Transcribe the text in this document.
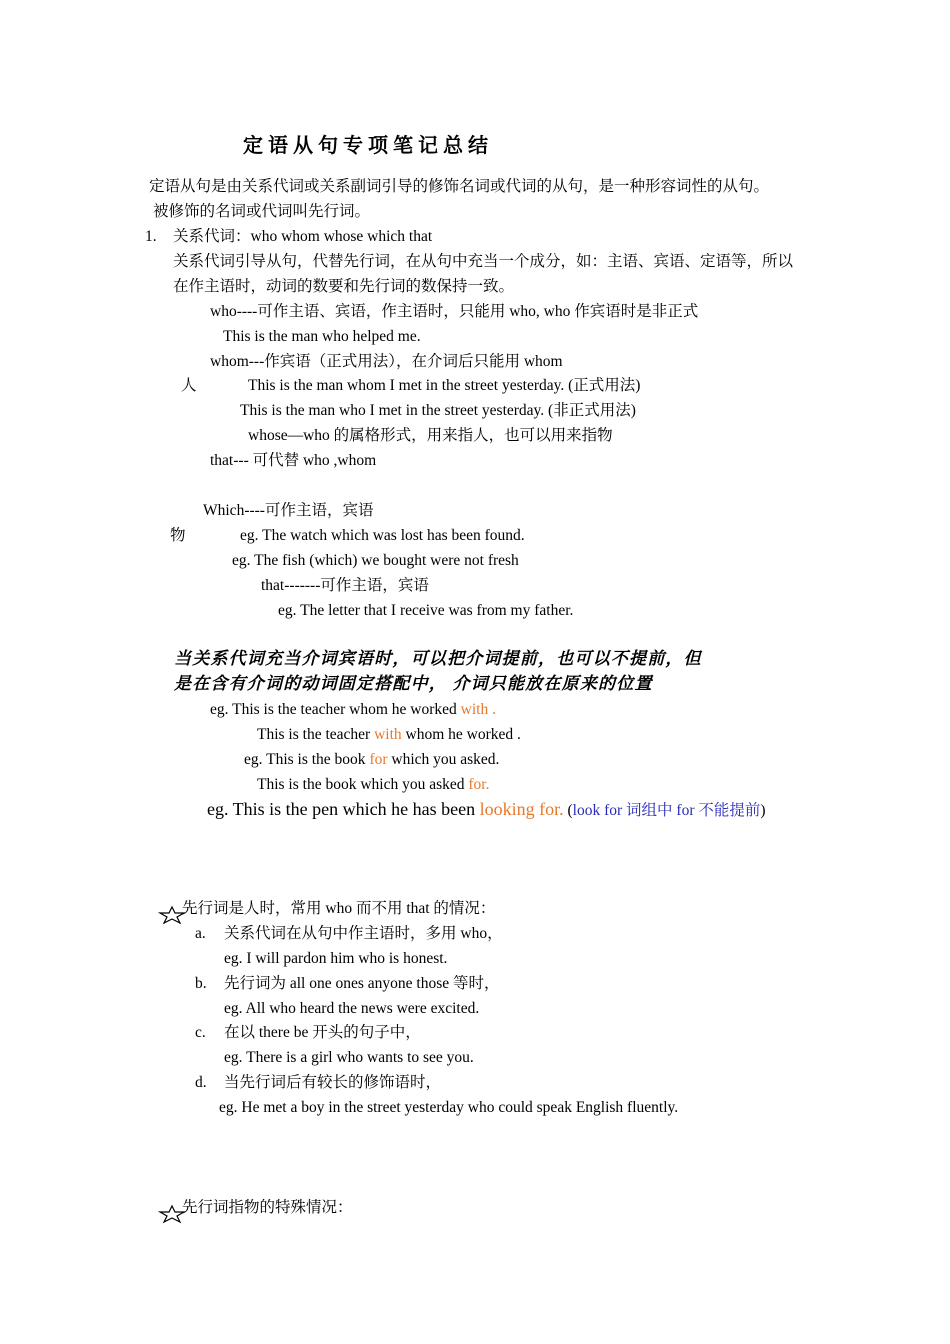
定语从句专项笔记总结
定语从句是由关系代词或关系副词引导的修饰名词或代词的从句，是一种形容词性的从句。
被修饰的名词或代词叫先行词。
1. 关系代词：who whom whose which that
关系代词引导从句，代替先行词，在从句中充当一个成分，如：主语、宾语、定语等，所以
在作主语时，动词的数要和先行词的数保持一致。
who----可作主语、宾语，作主语时，只能用 who, who 作宾语时是非正式
This is the man who helped me.
whom---作宾语（正式用法），在介词后只能用 whom
人	This is the man whom I met in the street yesterday. (正式用法)
This is the man who I met in the street yesterday. (非正式用法)
whose—who 的属格形式，用来指人，也可以用来指物
that--- 可代替 who ,whom
Which----可作主语，宾语
物	eg. The watch which was lost has been found.
eg. The fish (which) we bought were not fresh
that-------可作主语，宾语
eg. The letter that I receive was from my father.
当关系代词充当介词宾语时，可以把介词提前，也可以不提前，但
是在含有介词的动词固定搭配中， 介词只能放在原来的位置
eg. This is the teacher whom he worked with .
This is the teacher with whom he worked .
eg. This is the book for which you asked.
This is the book which you asked for.
eg. This is the pen which he has been looking for. (look for 词组中 for 不能提前)
先行词是人时，常用 who 而不用 that 的情况：
a. 关系代词在从句中作主语时，多用 who，
eg. I will pardon him who is honest.
b. 先行词为 all one ones anyone those 等时，
eg. All who heard the news were excited.
c. 在以 there be 开头的句子中，
eg. There is a girl who wants to see you.
d. 当先行词后有较长的修饰语时，
eg. He met a boy in the street yesterday who could speak English fluently.
先行词指物的特殊情况：
